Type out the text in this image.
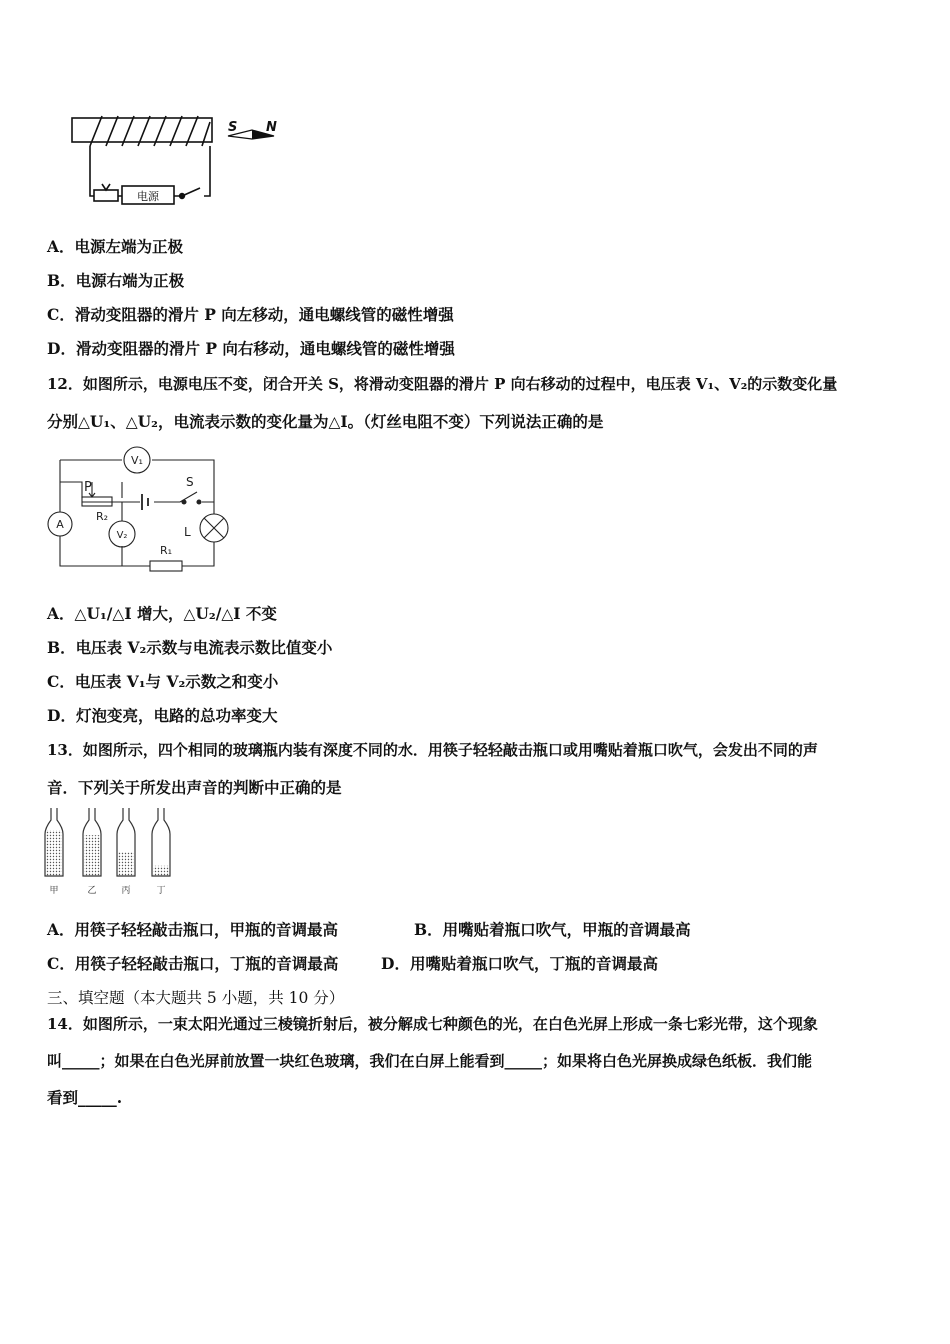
电源
S N
A．电源左端为正极
B．电源右端为正极
C．滑动变阻器的滑片 P 向左移动，通电螺线管的磁性增强
D．滑动变阻器的滑片 P 向右移动，通电螺线管的磁性增强
12．如图所示，电源电压不变，闭合开关 S，将滑动变阻器的滑片 P 向右移动的过程中，电压表 V₁、V₂的示数变化量
分别△U₁、△U₂，电流表示数的变化量为△I。（灯丝电阻不变）下列说法正确的是
V₁
A
P
R₂
S
V₂	L
R₁
A．△U₁/△I 增大，△U₂/△I 不变
B．电压表 V₂示数与电流表示数比值变小
C．电压表 V₁与 V₂示数之和变小
D．灯泡变亮，电路的总功率变大
13．如图所示，四个相同的玻璃瓶内装有深度不同的水．用筷子轻轻敲击瓶口或用嘴贴着瓶口吹气，会发出不同的声
音．下列关于所发出声音的判断中正确的是
甲	乙	丙	丁
A．用筷子轻轻敲击瓶口，甲瓶的音调最高	B．用嘴贴着瓶口吹气，甲瓶的音调最高
C．用筷子轻轻敲击瓶口，丁瓶的音调最高	D．用嘴贴着瓶口吹气，丁瓶的音调最高
三、填空题（本大题共 5 小题，共 10 分）
14．如图所示，一束太阳光通过三棱镜折射后，被分解成七种颜色的光，在白色光屏上形成一条七彩光带，这个现象
叫_____；如果在白色光屏前放置一块红色玻璃，我们在白屏上能看到_____；如果将白色光屏换成绿色纸板．我们能
看到_____.
